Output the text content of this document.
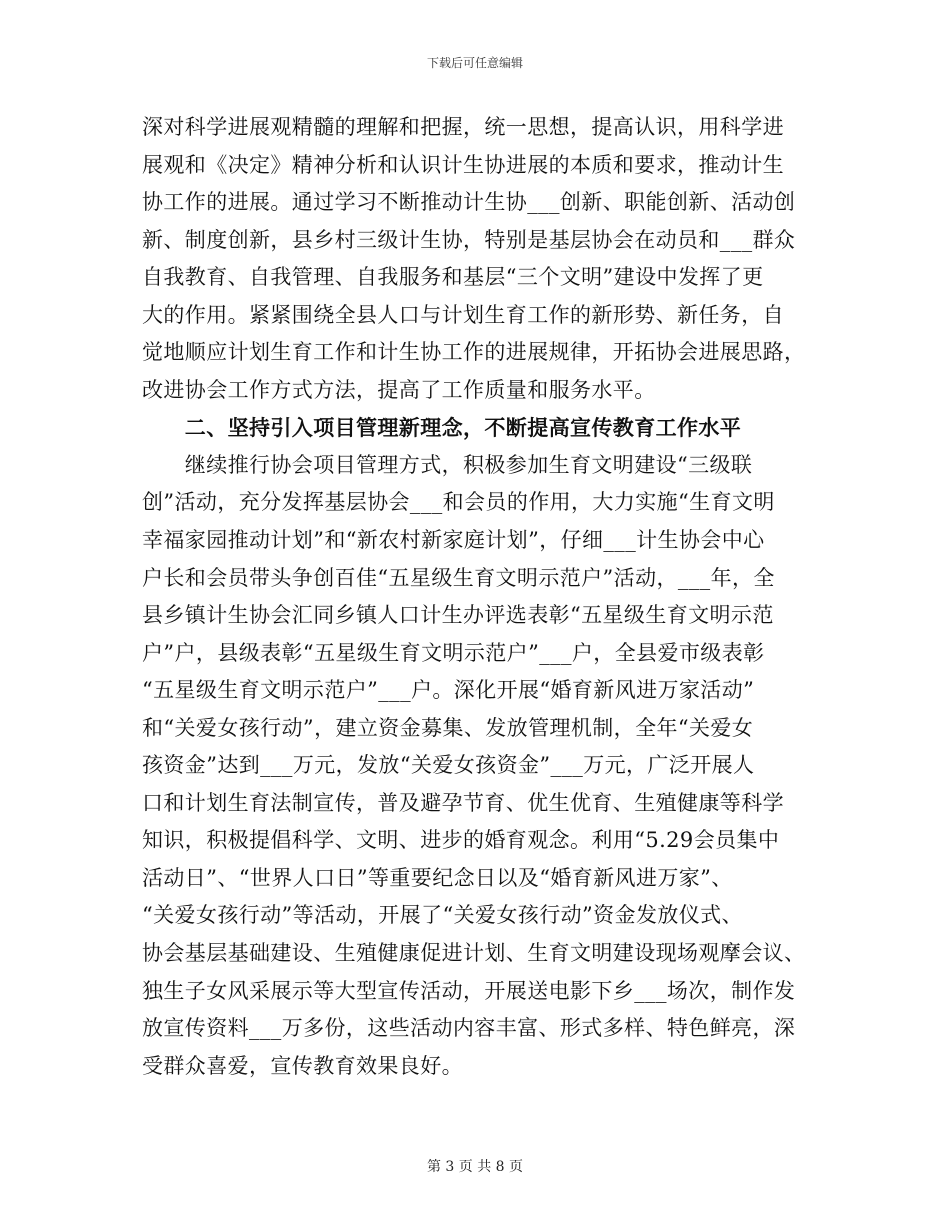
下载后可任意编辑
深对科学进展观精髓的理解和把握，统一思想，提高认识，用科学进
展观和《决定》精神分析和认识计生协进展的本质和要求，推动计生
协工作的进展。通过学习不断推动计生协___创新、职能创新、活动创
新、制度创新，县乡村三级计生协，特别是基层协会在动员和___群众
自我教育、自我管理、自我服务和基层“三个文明”建设中发挥了更
大的作用。紧紧围绕全县人口与计划生育工作的新形势、新任务，自
觉地顺应计划生育工作和计生协工作的进展规律，开拓协会进展思路，
改进协会工作方式方法，提高了工作质量和服务水平。
　　二、坚持引入项目管理新理念，不断提高宣传教育工作水平
　　继续推行协会项目管理方式，积极参加生育文明建设“三级联
创”活动，充分发挥基层协会___和会员的作用，大力实施“生育文明
幸福家园推动计划”和“新农村新家庭计划”，仔细___计生协会中心
户长和会员带头争创百佳“五星级生育文明示范户”活动，___年，全
县乡镇计生协会汇同乡镇人口计生办评选表彰“五星级生育文明示范
户”户，县级表彰“五星级生育文明示范户”___户，全县爱市级表彰
“五星级生育文明示范户”___户。深化开展“婚育新风进万家活动”
和“关爱女孩行动”，建立资金募集、发放管理机制，全年“关爱女
孩资金”达到___万元，发放“关爱女孩资金”___万元，广泛开展人
口和计划生育法制宣传，普及避孕节育、优生优育、生殖健康等科学
知识，积极提倡科学、文明、进步的婚育观念。利用“5.29会员集中
活动日”、“世界人口日”等重要纪念日以及“婚育新风进万家”、
“关爱女孩行动”等活动，开展了“关爱女孩行动”资金发放仪式、
协会基层基础建设、生殖健康促进计划、生育文明建设现场观摩会议、
独生子女风采展示等大型宣传活动，开展送电影下乡___场次，制作发
放宣传资料___万多份，这些活动内容丰富、形式多样、特色鲜亮，深
受群众喜爱，宣传教育效果良好。
第 3 页 共 8 页
